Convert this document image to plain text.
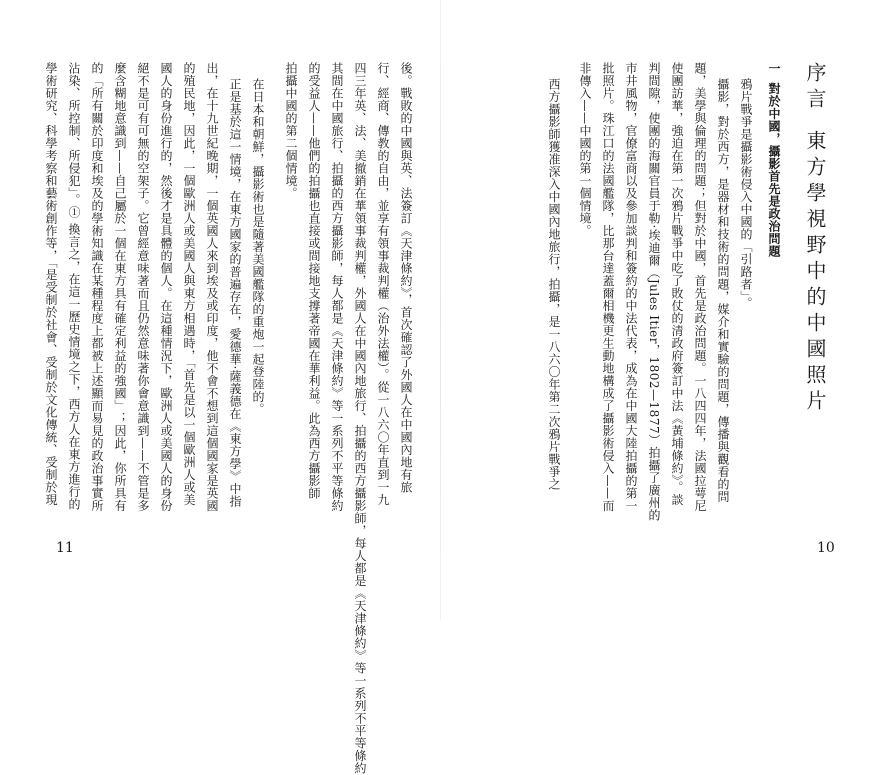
後。戰敗的中國與英、法簽訂《天津條約》，首次確認了外國人在中國內地有旅
行、經商、傳教的自由，並享有領事裁判權（治外法權）。從一八六〇年直到一九
四三年英、法、美撤銷在華領事裁判權，外國人在中國內地旅行、拍攝的西方攝影師，每人都是《天津條約》等一系列不平等條約
其間在中國旅行、拍攝的西方攝影師，每人都是《天津條約》等一系列不平等條約
的受益人——他們的拍攝也直接或間接地支撐著帝國在華利益。此為西方攝影師
拍攝中國的第二個情境。
在日本和朝鮮，攝影術也是隨著美國艦隊的重炮一起登陸的。
正是基於這一情境，在東方國家的普遍存在，愛德華·薩義德在《東方學》中指
出，在十九世紀晚期，一個英國人來到埃及或印度，他不會不想到這個國家是英國
的殖民地，因此，一個歐洲人或美國人與東方相遇時，「首先是以一個歐洲人或美
國人的身份進行的，然後才是具體的個人。在這種情況下，歐洲人或美國人的身份
絕不是可有可無的空架子。它曾經意味著而且仍然意味著你會意識到——不管是多
麼含糊地意識到——自己屬於一個在東方具有確定利益的強國」；因此，你所具有
的「所有關於印度和埃及的學術知識在某種程度上都被上述顯而易見的政治事實所
沾染、所控制、所侵犯」。① 換言之，在這一歷史情境之下，西方人在東方進行的
學術研究、科學考察和藝術創作等，「是受制於社會、受制於文化傳統、受制於現
11
序言東方學視野中的中國照片
一對於中國，攝影首先是政治問題
鴉片戰爭是攝影術侵入中國的「引路者」。
攝影，對於西方，是器材和技術的問題，媒介和實驗的問題，傳播與觀看的問
題，美學與倫理的問題；但對於中國，首先是政治問題。一八四四年，法國拉萼尼
使團訪華，強迫在第一次鴉片戰爭中吃了敗仗的清政府簽訂中法《黃埔條約》。談
判間隙，使團的海關官員于勒·埃迪爾（Jules Itier，1802—1877）拍攝了廣州的
市井風物，官僚富商以及參加談判和簽約的中法代表，成為在中國大陸拍攝的第一
批照片。珠江口的法國艦隊，比那台達蓋爾相機更生動地構成了攝影術侵入——而
非傳入——中國的第一個情境。
西方攝影師獲准深入中國內地旅行，拍攝，是一八六〇年第二次鴉片戰爭之
10
